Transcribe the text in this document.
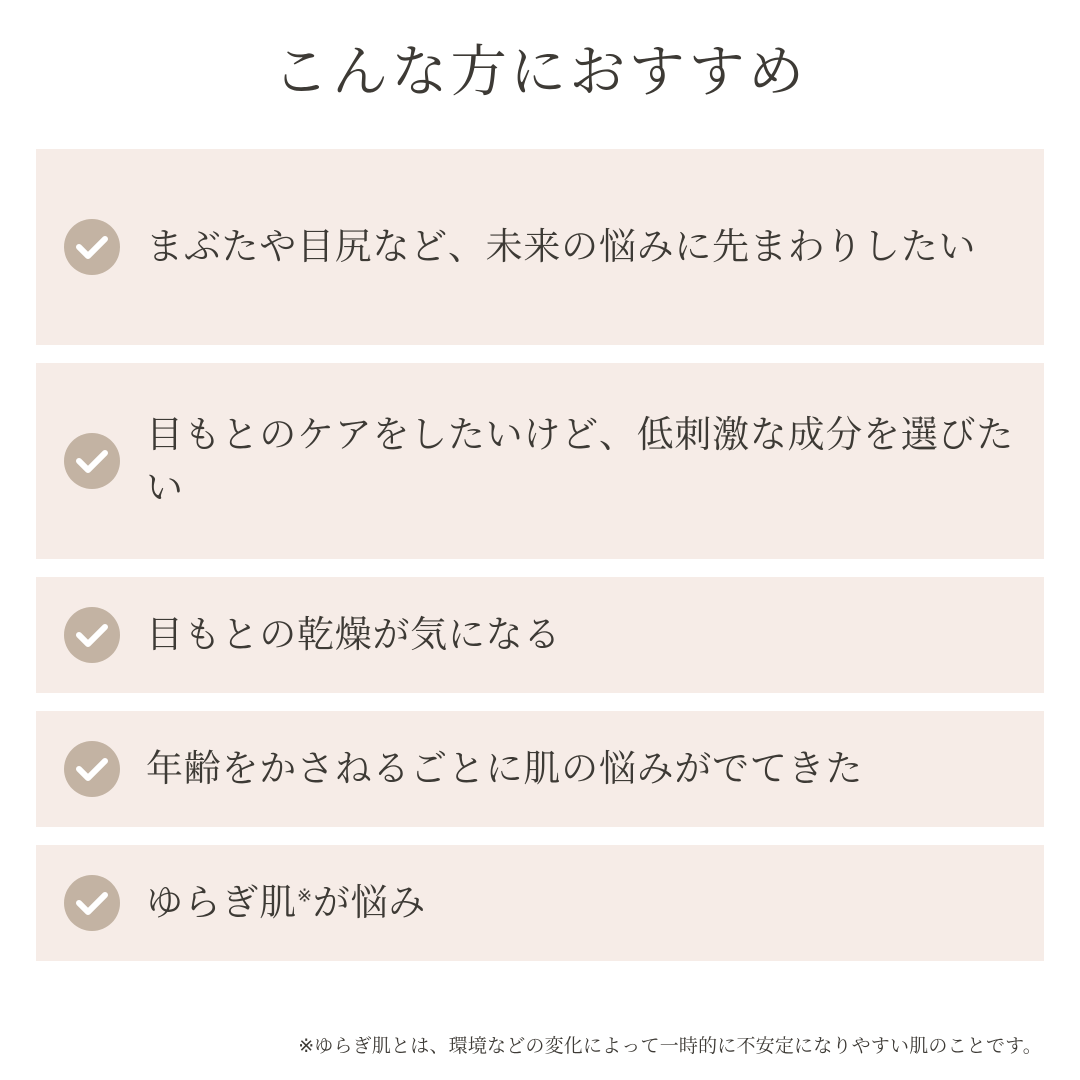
こんな方におすすめ
まぶたや目尻など、未来の悩みに先まわりしたい
目もとのケアをしたいけど、低刺激な成分を選びたい
目もとの乾燥が気になる
年齢をかさねるごとに肌の悩みがでてきた
ゆらぎ肌※が悩み
※ゆらぎ肌とは、環境などの変化によって一時的に不安定になりやすい肌のことです。
